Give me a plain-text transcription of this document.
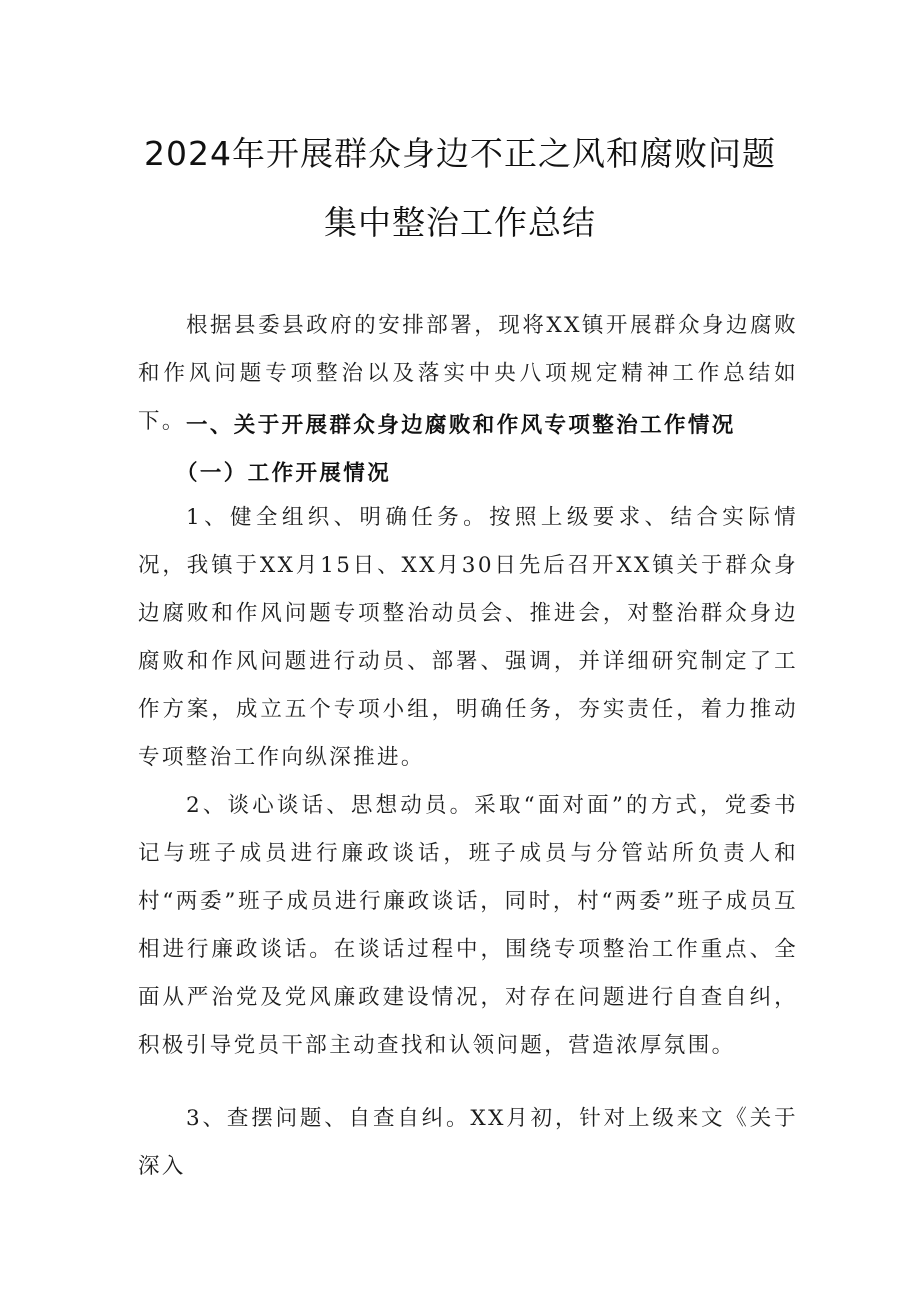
2024年开展群众身边不正之风和腐败问题
集中整治工作总结

根据县委县政府的安排部署，现将XX镇开展群众身边腐败和作风问题专项整治以及落实中央八项规定精神工作总结如下。 一、关于开展群众身边腐败和作风专项整治工作情况
（一）工作开展情况

1、健全组织、明确任务。按照上级要求、结合实际情况，我镇于XX月15日、XX月30日先后召开XX镇关于群众身边腐败和作风问题专项整治动员会、推进会，对整治群众身边腐败和作风问题进行动员、部署、强调，并详细研究制定了工作方案，成立五个专项小组，明确任务，夯实责任，着力推动专项整治工作向纵深推进。

2、谈心谈话、思想动员。采取“面对面”的方式，党委书记与班子成员进行廉政谈话，班子成员与分管站所负责人和村“两委”班子成员进行廉政谈话，同时，村“两委”班子成员互相进行廉政谈话。在谈话过程中，围绕专项整治工作重点、全面从严治党及党风廉政建设情况，对存在问题进行自查自纠，积极引导党员干部主动查找和认领问题，营造浓厚氛围。

3、查摆问题、自查自纠。XX月初，针对上级来文《关于深入
